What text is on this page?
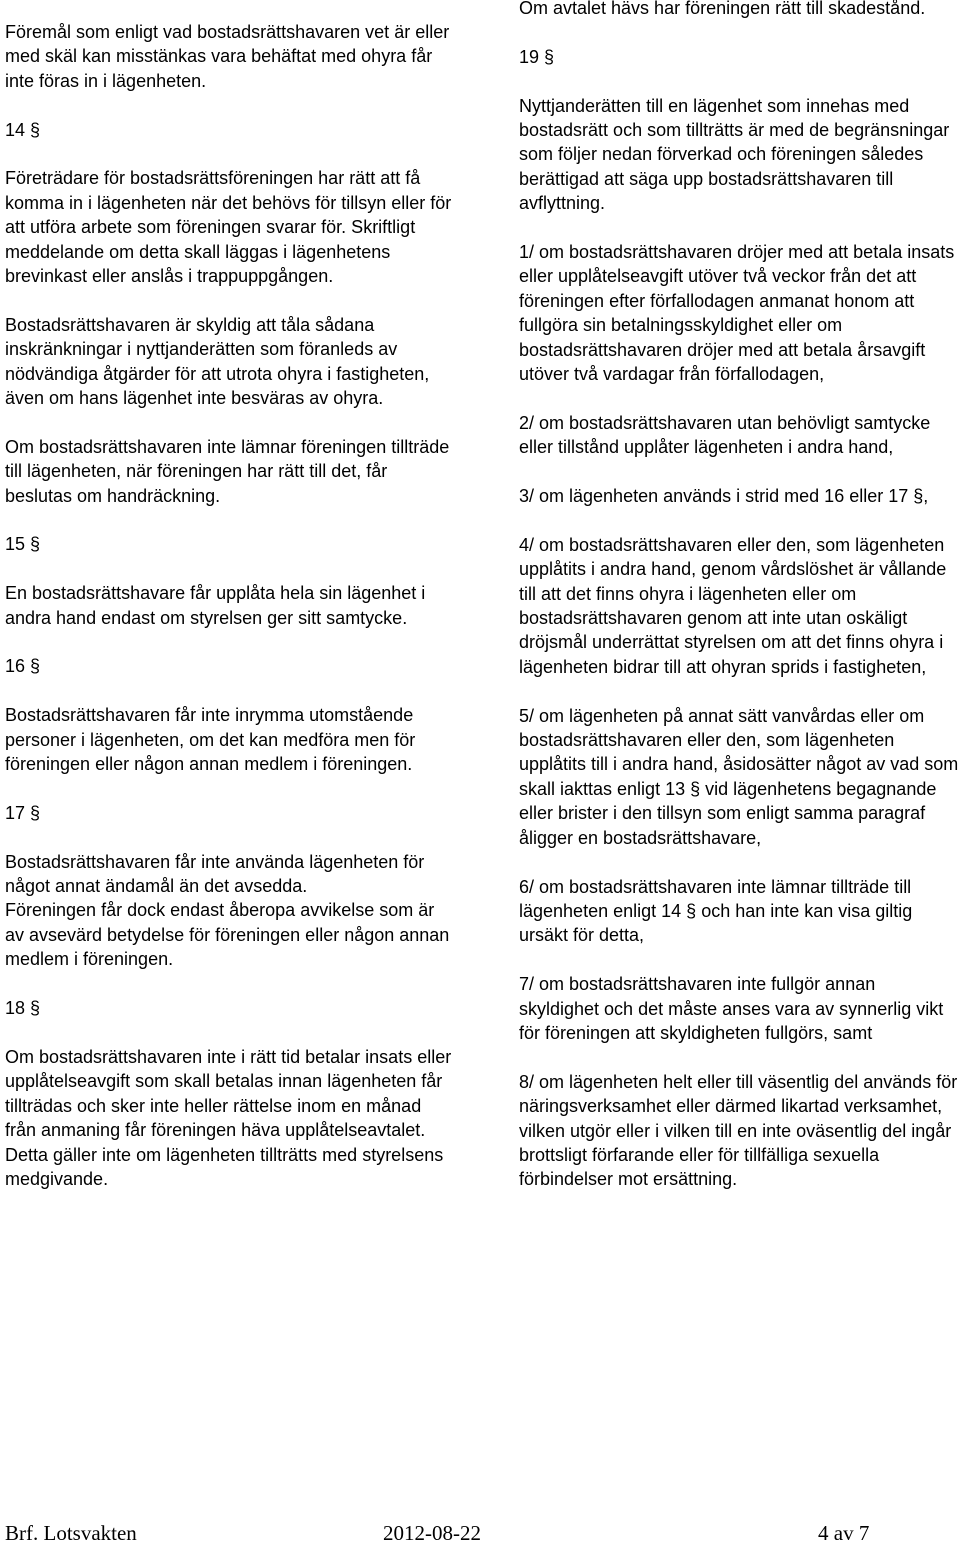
Föremål som enligt vad bostadsrättshavaren vet är eller med skäl kan misstänkas vara behäftat med ohyra får inte föras in i lägenheten.

14 §

Företrädare för bostadsrättsföreningen har rätt att få komma in i lägenheten när det behövs för tillsyn eller för att utföra arbete som föreningen svarar för. Skriftligt meddelande om detta skall läggas i lägenhetens brevinkast eller anslås i trappuppgången.

Bostadsrättshavaren är skyldig att tåla sådana inskränkningar i nyttjanderätten som föranleds av nödvändiga åtgärder för att utrota ohyra i fastigheten, även om hans lägenhet inte besväras av ohyra.

Om bostadsrättshavaren inte lämnar föreningen tillträde till lägenheten, när föreningen har rätt till det, får beslutas om handräckning.

15 §

En bostadsrättshavare får upplåta hela sin lägenhet i andra hand endast om styrelsen ger sitt samtycke.

16 §

Bostadsrättshavaren får inte inrymma utomstående personer i lägenheten, om det kan medföra men för föreningen eller någon annan medlem i föreningen.

17 §

Bostadsrättshavaren får inte använda lägenheten för något annat ändamål än det avsedda.

Föreningen får dock endast åberopa avvikelse som är av avsevärd betydelse för föreningen eller någon annan medlem i föreningen.

18 §

Om bostadsrättshavaren inte i rätt tid betalar insats eller upplåtelseavgift som skall betalas innan lägenheten får tillträdas och sker inte heller rättelse inom en månad från anmaning får föreningen häva upplåtelseavtalet. Detta gäller inte om lägenheten tillträtts med styrelsens medgivande.

Om avtalet hävs har föreningen rätt till skadestånd.

19 §

Nyttjanderätten till en lägenhet som innehas med bostadsrätt och som tillträtts är med de begränsningar som följer nedan förverkad och föreningen således berättigad att säga upp bostadsrättshavaren till avflyttning.

1/ om bostadsrättshavaren dröjer med att betala insats eller upplåtelseavgift utöver två veckor från det att föreningen efter förfallodagen anmanat honom att fullgöra sin betalningsskyldighet eller om bostadsrättshavaren dröjer med att betala årsavgift utöver två vardagar från förfallodagen,

2/ om bostadsrättshavaren utan behövligt samtycke eller tillstånd upplåter lägenheten i andra hand,

3/ om lägenheten används i strid med 16 eller 17 §,

4/ om bostadsrättshavaren eller den, som lägenheten upplåtits i andra hand, genom vårdslöshet är vållande till att det finns ohyra i lägenheten eller om bostadsrättshavaren genom att inte utan oskäligt dröjsmål underrättat styrelsen om att det finns ohyra i lägenheten bidrar till att ohyran sprids i fastigheten,

5/ om lägenheten på annat sätt vanvårdas eller om bostadsrättshavaren eller den, som lägenheten upplåtits till i andra hand, åsidosätter något av vad som skall iakttas enligt 13 § vid lägenhetens begagnande eller brister i den tillsyn som enligt samma paragraf åligger en bostadsrättshavare,

6/ om bostadsrättshavaren inte lämnar tillträde till lägenheten enligt 14 § och han inte kan visa giltig ursäkt för detta,

7/ om bostadsrättshavaren inte fullgör annan skyldighet och det måste anses vara av synnerlig vikt för föreningen att skyldigheten fullgörs, samt

8/ om lägenheten helt eller till väsentlig del används för näringsverksamhet eller därmed likartad verksamhet, vilken utgör eller i vilken till en inte oväsentlig del ingår brottsligt förfarande eller för tillfälliga sexuella förbindelser mot ersättning.

Brf. Lotsvakten	2012-08-22	4 av 7
